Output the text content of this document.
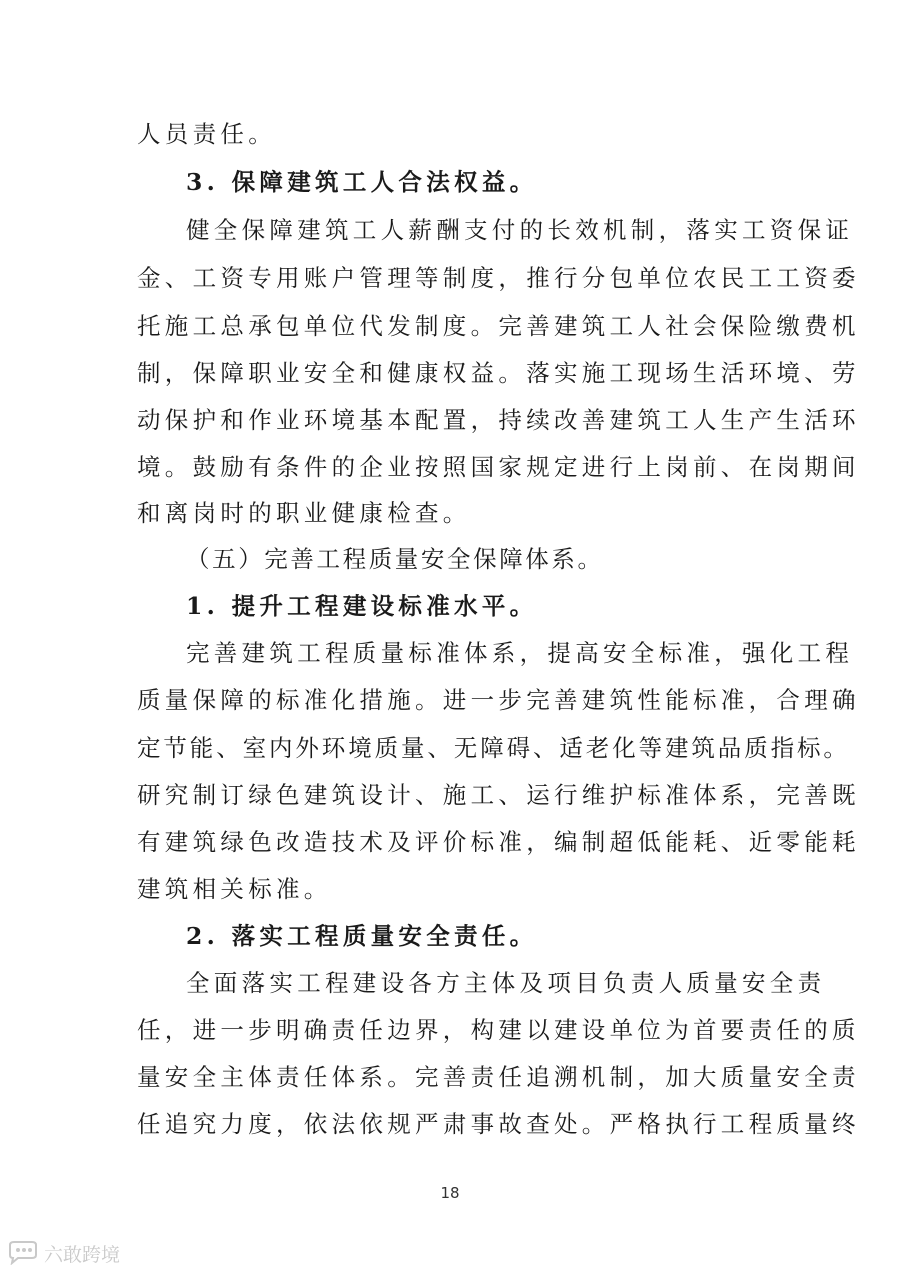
人员责任。
3. 保障建筑工人合法权益。
健全保障建筑工人薪酬支付的长效机制，落实工资保证
金、工资专用账户管理等制度，推行分包单位农民工工资委
托施工总承包单位代发制度。完善建筑工人社会保险缴费机
制，保障职业安全和健康权益。落实施工现场生活环境、劳
动保护和作业环境基本配置，持续改善建筑工人生产生活环
境。鼓励有条件的企业按照国家规定进行上岗前、在岗期间
和离岗时的职业健康检查。
（五）完善工程质量安全保障体系。
1. 提升工程建设标准水平。
完善建筑工程质量标准体系，提高安全标准，强化工程
质量保障的标准化措施。进一步完善建筑性能标准，合理确
定节能、室内外环境质量、无障碍、适老化等建筑品质指标。
研究制订绿色建筑设计、施工、运行维护标准体系，完善既
有建筑绿色改造技术及评价标准，编制超低能耗、近零能耗
建筑相关标准。
2. 落实工程质量安全责任。
全面落实工程建设各方主体及项目负责人质量安全责
任，进一步明确责任边界，构建以建设单位为首要责任的质
量安全主体责任体系。完善责任追溯机制，加大质量安全责
任追究力度，依法依规严肃事故查处。严格执行工程质量终
18
六敢跨境
